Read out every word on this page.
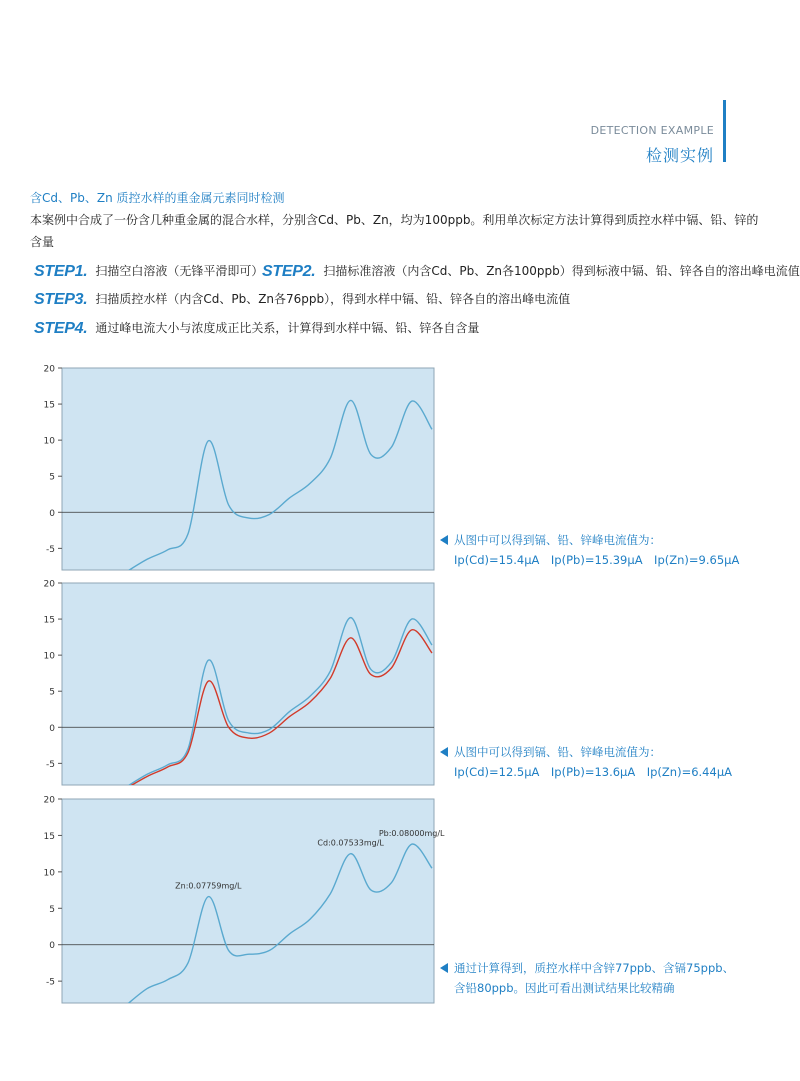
DETECTION EXAMPLE
检测实例
含Cd、Pb、Zn 质控水样的重金属元素同时检测
本案例中合成了一份含几种重金属的混合水样，分别含Cd、Pb、Zn，均为100ppb。利用单次标定方法计算得到质控水样中镉、铅、锌的含量
STEP1. 扫描空白溶液（无锋平滑即可）
STEP2. 扫描标准溶液（内含Cd、Pb、Zn各100ppb）得到标液中镉、铅、锌各自的溶出峰电流值
STEP3. 扫描质控水样（内含Cd、Pb、Zn各76ppb），得到水样中镉、铅、锌各自的溶出峰电流值
STEP4. 通过峰电流大小与浓度成正比关系，计算得到水样中镉、铅、锌各自含量
20
15
10
5
0
-5
20
15
10
5
0
-5
20
15
10
5
0
-5
Zn:0.07759mg/L
Cd:0.07533mg/L
Pb:0.08000mg/L
从图中可以得到镉、铅、锌峰电流值为：
Ip(Cd)=15.4μA　Ip(Pb)=15.39μA　Ip(Zn)=9.65μA
从图中可以得到镉、铅、锌峰电流值为：
Ip(Cd)=12.5μA　Ip(Pb)=13.6μA　Ip(Zn)=6.44μA
通过计算得到，质控水样中含锌77ppb、含镉75ppb、
含铅80ppb。因此可看出测试结果比较精确
